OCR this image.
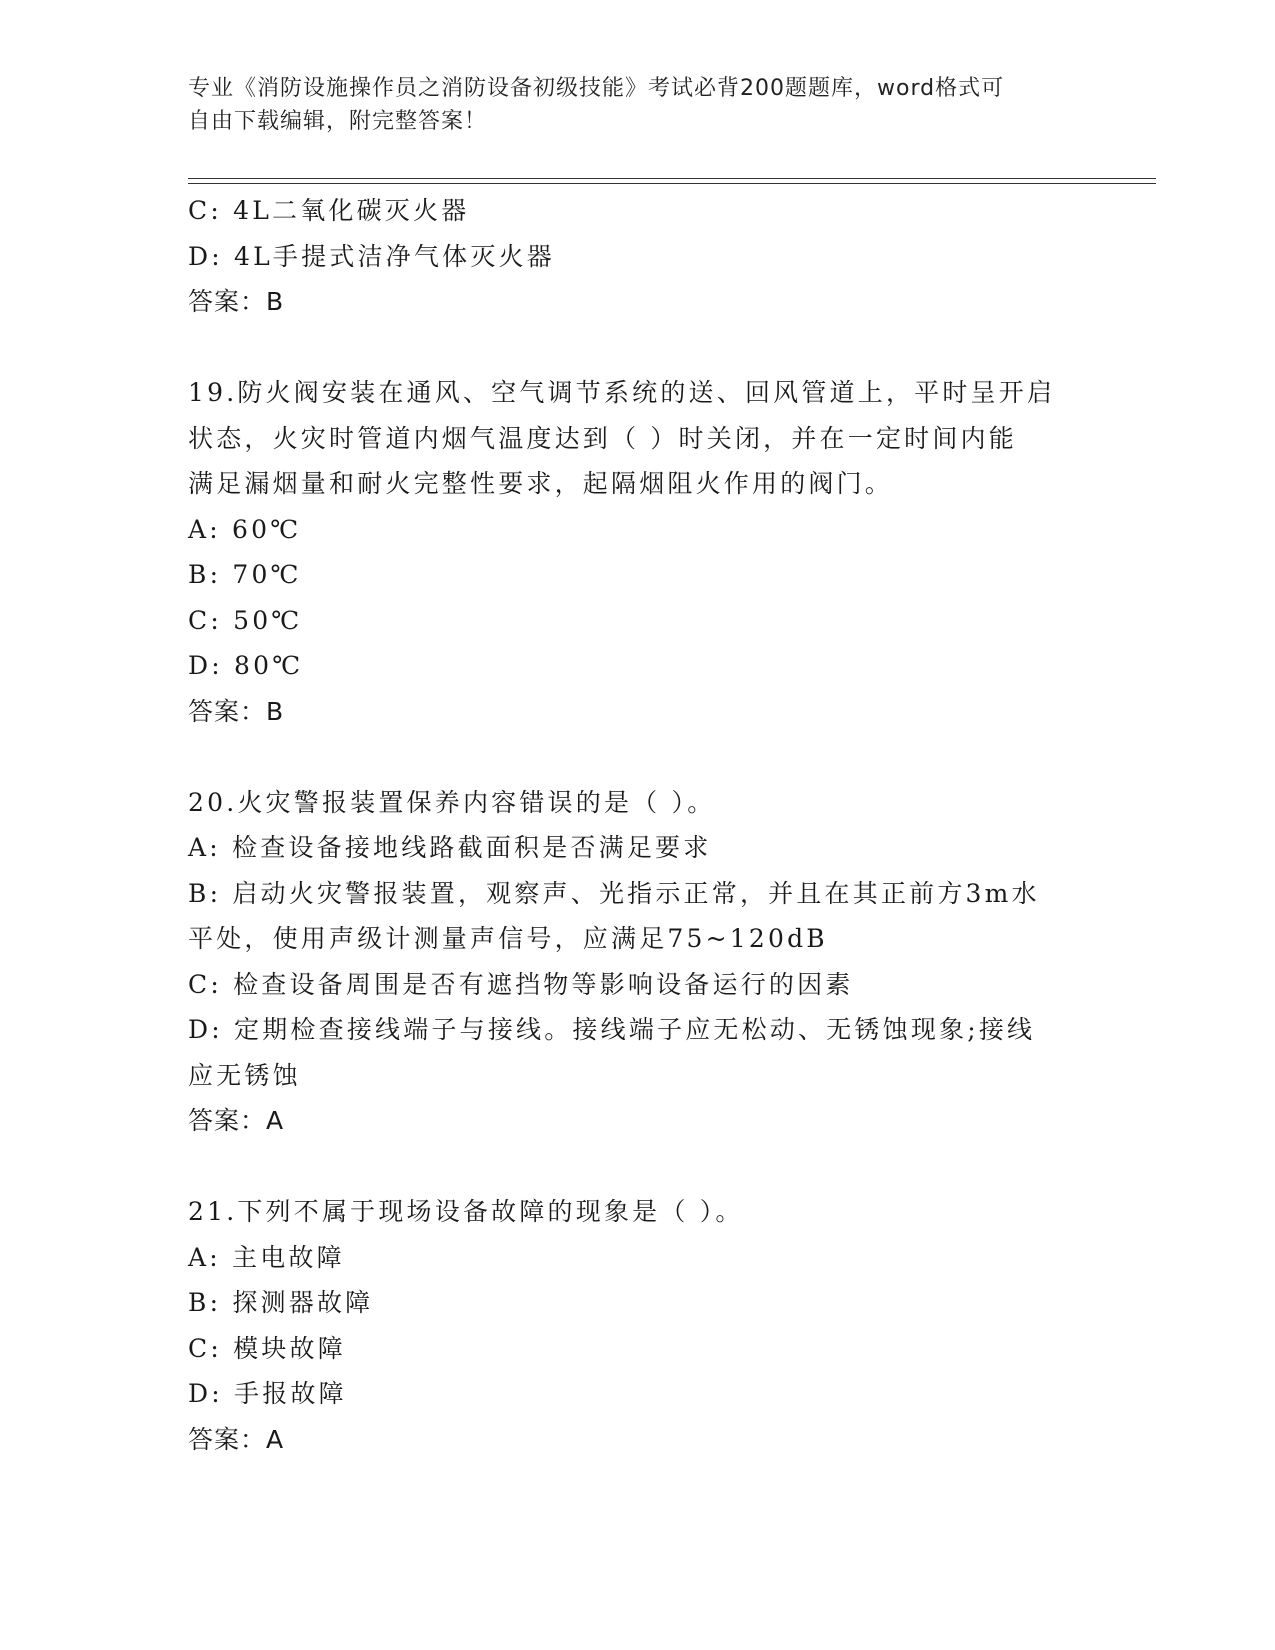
专业《消防设施操作员之消防设备初级技能》考试必背200题题库，word格式可
自由下载编辑，附完整答案！
C: 4L二氧化碳灭火器
D: 4L手提式洁净气体灭火器
答案：B
19.防火阀安装在通风、空气调节系统的送、回风管道上，平时呈开启
状态，火灾时管道内烟气温度达到（ ）时关闭，并在一定时间内能
满足漏烟量和耐火完整性要求，起隔烟阻火作用的阀门。
A: 60℃
B: 70℃
C: 50℃
D: 80℃
答案：B
20.火灾警报装置保养内容错误的是（ ）。
A: 检查设备接地线路截面积是否满足要求
B: 启动火灾警报装置，观察声、光指示正常，并且在其正前方3m水
平处，使用声级计测量声信号，应满足75~120dB
C: 检查设备周围是否有遮挡物等影响设备运行的因素
D: 定期检查接线端子与接线。接线端子应无松动、无锈蚀现象;接线
应无锈蚀
答案：A
21.下列不属于现场设备故障的现象是（ ）。
A: 主电故障
B: 探测器故障
C: 模块故障
D: 手报故障
答案：A
